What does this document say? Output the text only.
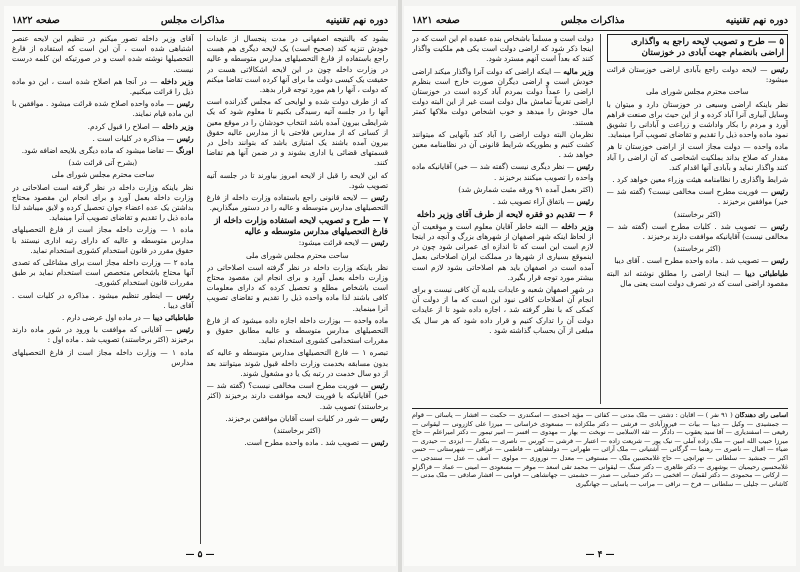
دوره نهم تقنینیه
مذاکرات مجلس
صفحه ۱۸۲۲

بشود که بالنتیجه اصفهانی در مدت پنجسال از عایدات خودش تنزیه کند (صحیح است) یک لایحه دیگری هم هست راجع باستفاده از فارغ التحصیلهای مدارس متوسطه و عالیه در وزارت داخله چون در این لایحه اشکالاتی هست در حقیقت یک کیسی دولت ما برای آنها کرده است تقاضا میکنم که دولت ، آنها را هم مورد توجه قرار بدهد.

که از طرف دولت شده و لوایحی که مجلس گذرانده است آنها را در جلسه آتیه رسیدگی بکنیم تا معلوم شود که یک شرایطی بیرون آمده باشد انتخاب خودشان را در موقع معین از کسانی که از مدارس فلاحتی یا از مدارس عالیه حقوق بیرون آمده باشند یک امتیازی باشد که بتوانند داخل در قسمتهای قضائی یا اداری بشوند و در ضمن آنها هم تقاضا کنند.

که این لایحه را قبل از لایحه امروز بیاورند تا در جلسه آتیه تصویب شود.

رئیس — لایحه قانونی راجع باستفاده وزارت داخله از فارغ التحصیلهای مدارس متوسطه و عالیه را در دستور میگذاریم.

۷ — طرح و تصویب لایحه استفاده وزارت داخله از فارغ التحصیلهای مدارس متوسطه و عالیه

رئیس — لایحه قرائت میشود:

ساحت محترم مجلس شورای ملی

نظر باینکه وزارت داخله در نظر گرفته است اصلاحاتی در وزارت داخله بعمل آورد و برای انجام این مقصود محتاج است باشخاص مطلع و تحصیل کرده که دارای معلومات کافی باشند لذا ماده واحده ذیل را تقدیم و تقاضای تصویب آنرا مینماید.

ماده واحده — بوزارت داخله اجازه داده میشود که از فارغ التحصیلهای مدارس متوسطه و عالیه مطابق حقوق و مقررات استخدامی کشوری استخدام نماید.

تبصره ۱ — فارغ التحصیلهای مدارس متوسطه و عالیه که بدون مسابقه بخدمت وزارت داخله قبول شوند میتوانند بعد از دو سال خدمت در رتبه یک یا دو مشغول شوند.

رئیس — فوریت مطرح است مخالفی نیست؟ (گفته شد — خیر) آقایانیکه با فوریت لایحه موافقت دارند برخیزند (اکثر برخاستند) تصویب شد.

رئیس — شور در کلیات است آقایان موافقین برخیزند.

(اکثر برخاستند)

رئیس — تصویب شد . ماده واحده مطرح است.

آقای وزیر داخله تصور میکنم در تنظیم این لایحه عنصر اشتباهی شده است ، آن این است که استفاده از فارغ التحصیلها نوشته شده است و در صورتیکه این کلمه درست نیست.

وزیر داخله — در آنجا هم اصلاح شده است ، این دو ماده ذیل را قرائت میکنیم.

رئیس — ماده واحده اصلاح شده قرائت میشود . موافقین با این ماده قیام نمایند.

وزیر داخله — اصلاح را قبول کردم.

رئیس — مذاکره در کلیات است .

اورنگ — تقاضا میشود که ماده دیگری بلایحه اضافه شود.

(بشرح آتی قرائت شد)

ساحت محترم مجلس شورای ملی

نظر باینکه وزارت داخله در نظر گرفته است اصلاحاتی در وزارت داخله بعمل آورد و برای انجام این مقصود محتاج بداشتن یک عده اعضاء جوان تحصیل کرده و لایق میباشد لذا ماده ذیل را تقدیم و تقاضای تصویب آنرا مینماید.

ماده ۱ — وزارت داخله مجاز است از فارغ التحصیلهای مدارس متوسطه و عالیه که دارای رتبه اداری نیستند با حقوق مقرر در قانون استخدام کشوری استخدام نماید.

ماده ۲ — وزارت داخله مجاز است برای مشاغلی که تصدی آنها محتاج باشخاص متخصص است استخدام نماید بر طبق مقررات قانون استخدام کشوری.

رئیس — اینطور تنظیم میشود . مذاکره در کلیات است . آقای دیبا .

طباطبائی دیبا — در ماده اول عرضی دارم .

رئیس — آقایانی که موافقت با ورود در شور ماده دارند برخیزند (اکثر برخاستند) تصویب شد . ماده اول :

ماده ۱ — وزارت داخله مجاز است از فارغ التحصیلهای مدارس

— ۵ —
دوره نهم تقنینیه
مذاکرات مجلس
صفحه ۱۸۲۱

۵ — طرح و تصویب لایحه راجع به واگذاری اراضی بانضمام جهت آبادی در خوزستان

رئیس — لایحه دولت راجع بآبادی اراضی خوزستان قرائت میشود:

ساحت محترم مجلس شورای ملی

نظر باینکه اراضی وسیعی در خوزستان دارد و میتوان با وسایل آبیاری آنرا آباد کرده و از این حیث برای صنعت فراهم آورد و مردم را بکار واداشت و زراعت و آبادانی را تشویق نمود ماده واحده ذیل را تقدیم و تقاضای تصویب آنرا مینماید.

ماده واحده — دولت مجاز است از اراضی خوزستان تا هر مقدار که صلاح بداند بملکیت اشخاصی که آن اراضی را آباد کنند واگذار نماید و بآبادی آنها اقدام کند.

شرایط واگذاری را نظامنامه هیئت وزراء معین خواهد کرد .

رئیس — فوریت مطرح است مخالفی نیست؟ (گفته شد — خیر) موافقین برخیزند .

(اکثر برخاستند)

رئیس — تصویب شد . کلیات مطرح است (گفته شد — مخالفی نیست) آقایانیکه موافقت دارند برخیزند .

(اکثر برخاستند)

رئیس — تصویب شد . ماده واحده مطرح است . آقای دیبا

طباطبائی دیبا — اینجا اراضی را مطلق نوشته اند البته مقصود اراضی است که در تصرف دولت است یعنی مال

دولت است و مسلماً باشخاص بنده عقیده ام این است که در اینجا ذکر شود که اراضی دولت است یکی هم ملکیت واگذار کنند که بعداً است آنهم مسترد شود.

وزیر مالیه — اینکه اراضی که دولت آنرا واگذار میکند اراضی خودش است و اراضی دیگران صورت خارج است بنظرم اراضی را عمداً دولت بمردم آباد کرده است در خوزستان اراضی تقریباً تمامش مال دولت است غیر از این البته دولت مال خودش را میدهد و خوب اشخاص دولت ملاکها کمتر هستند.

نظرمان البته دولت اراضی را آباد کند بآنهایی که میتوانند کشت کنیم و بطوریکه شرایط قانونی آن در نظامنامه معین خواهد شد .

رئیس — نظر دیگری نیست (گفته شد — خیر) آقایانیکه ماده واحده را تصویب میکنند برخیزند .

(اکثر بعمل آمده ۹۱ ورقه مثبت شمارش شد)

رئیس — باتفاق آراء تصویب شد .

۶ — تقدیم دو فقره لایحه از طرف آقای وزیر داخله

وزیر داخله — البته خاطر آقایان معلوم است و موقعیت آن از لحاظ اینکه شهر اصفهان از شهرهای بزرگ و آنچه در اینجا لازم است این است که تا اندازه ای عمرانی شود چون در اینموقع بسیاری از شهرها در مملکت ایران اصلاحاتی بعمل آمده است در اصفهان باید هم اصلاحاتی بشود لازم است بیشتر مورد توجه قرار بگیرد.

در شهر اصفهان شعبه و عایدات بلدیه آن کافی نیست و برای انجام آن اصلاحات کافی نبود این است که ما از دولت آن کمکی که با نظر گرفته شد ، اجازه داده شود تا از عایدات دولت آن را تدارک کنیم و قرار داده شود که هر سال یک مبلغی از آن بحساب گذاشته شود .

اسامی رای دهندگان ( ۹۱ نفر ) — آقایان : دشتی — ملک مدنی — کفائی — مؤید احمدی — اسکندری — حکمت — افشار — یاسائی — قوام — جمشیدی — وکیل — دیبا — بیات — فیروزآبادی — فرشی — دکتر ملکزاده — مسعودی خراسانی — میرزا علی کازرونی — لیقوانی — رفیعی — اسفندیاری — آقا سید یعقوب — دادگر — ثقه الاسلامی — نوبخت — بهار — مهدوی — افسر — امیر تیمور — دکتر امیراعلم — حاج میرزا حبیب الله امین — ملک زاده آملی — نیک پور — شریعت زاده — اعتبار — فرشی — کورس — ناصری — بنکدار — ایزدی — حیدری — ضیاء — اقبال — ناصری — رهنما — گرگانی — آشتیانی — ملک آرائی — طهرانی — دولتشاهی — فاطمی — عراقی — شهرستانی — حسن اکبر — جمشید — سلطانی — تهرانچی — حاج غلامحسین ملک — مستوفی — معدل — نوروزی — مولوی — آصف — عدل — سنندجی — غلامحسین رحیمیان — بوشهری — دکتر طاهری — دکتر سنگ — لیقوانی — محمد تقی اسعد — موقر — مسعودی — امینی — عماد — قراگزلو — ارکانی — محمودی — دکتر لقمان — افخمی — دکتر حسابی — صدر — حشمتی — جهانشاهی — قوامی — افشار صادقی — ملک مدنی — کاشانی — جلیلی — سلطانی — فرخ — نراقی — مراتب — یاسایی — جهانگیری
— ۴ —
